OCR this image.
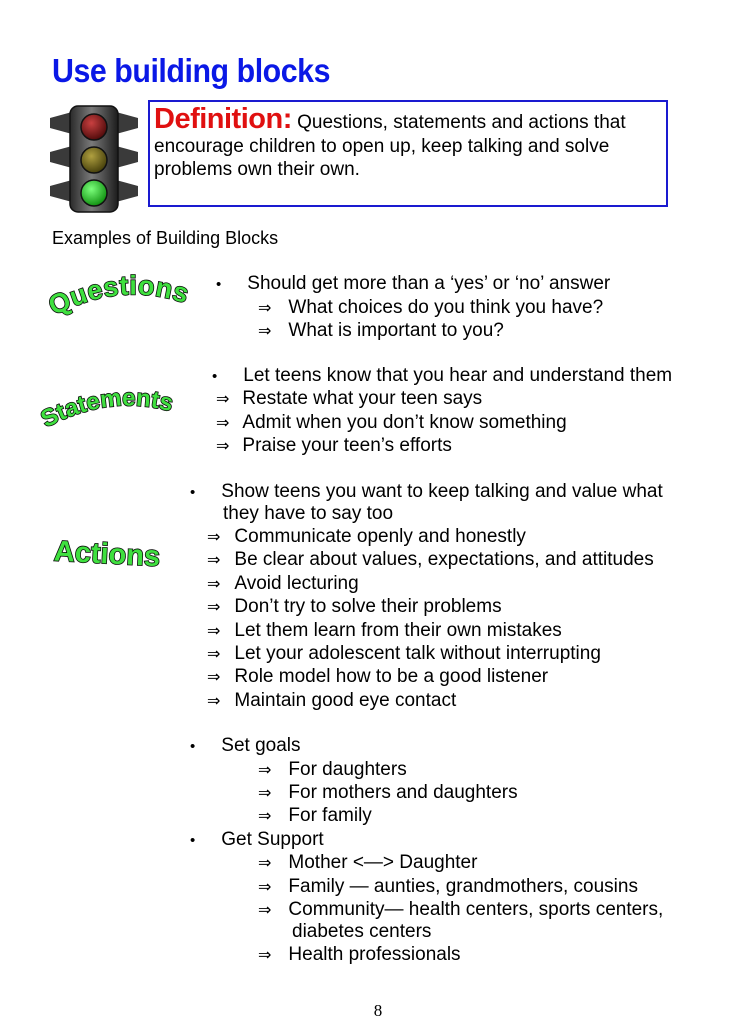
Use building blocks
Definition: Questions, statements and actions that encourage children to open up, keep talking and solve problems own their own.
Examples of Building Blocks
Questions
Statements
Actions
• Should get more than a ‘yes’ or ‘no’ answer
⇒ What choices do you think you have?
⇒ What is important to you?
• Let teens know that you hear and understand them
⇒ Restate what your teen says
⇒ Admit when you don’t know something
⇒ Praise your teen’s efforts
• Show teens you want to keep talking and value what
they have to say too
⇒ Communicate openly and honestly
⇒ Be clear about values, expectations, and attitudes
⇒ Avoid lecturing
⇒ Don’t try to solve their problems
⇒ Let them learn from their own mistakes
⇒ Let your adolescent talk without interrupting
⇒ Role model how to be a good listener
⇒ Maintain good eye contact
• Set goals
⇒ For daughters
⇒ For mothers and daughters
⇒ For family
• Get Support
⇒ Mother <—> Daughter
⇒ Family — aunties, grandmothers, cousins
⇒ Community— health centers, sports centers,
diabetes centers
⇒ Health professionals
8
